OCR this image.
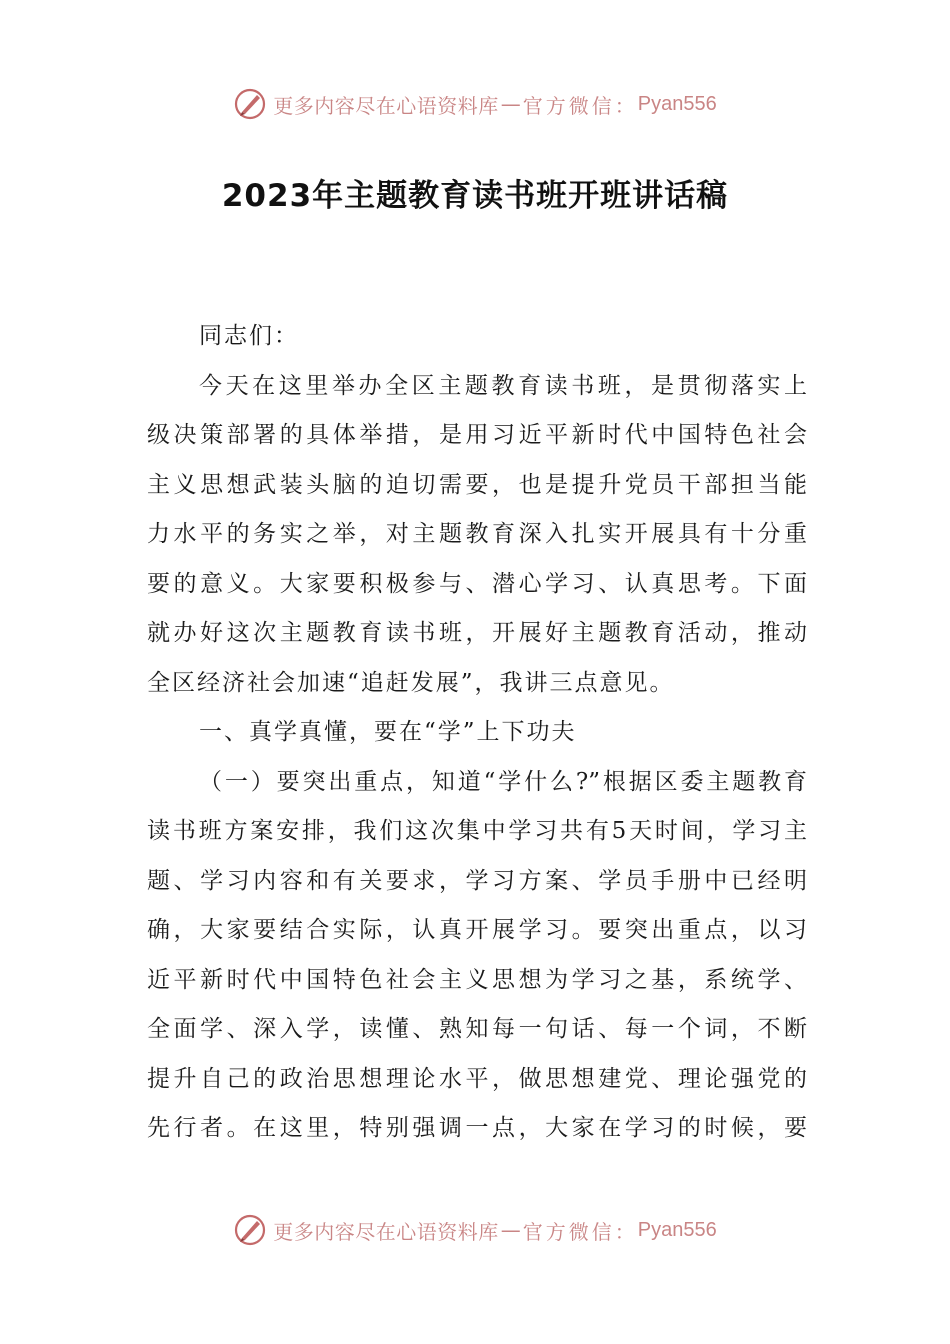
更多内容尽在心语资料库 — 官方微信： Pyan556
2023年主题教育读书班开班讲话稿
同志们：
今天在这里举办全区主题教育读书班，是贯彻落实上
级决策部署的具体举措，是用习近平新时代中国特色社会
主义思想武装头脑的迫切需要，也是提升党员干部担当能
力水平的务实之举，对主题教育深入扎实开展具有十分重
要的意义。大家要积极参与、潜心学习、认真思考。下面
就办好这次主题教育读书班，开展好主题教育活动，推动
全区经济社会加速“追赶发展”，我讲三点意见。
一、真学真懂，要在“学”上下功夫
（一）要突出重点，知道“学什么?”根据区委主题教育
读书班方案安排，我们这次集中学习共有5天时间，学习主
题、学习内容和有关要求，学习方案、学员手册中已经明
确，大家要结合实际，认真开展学习。要突出重点，以习
近平新时代中国特色社会主义思想为学习之基，系统学、
全面学、深入学，读懂、熟知每一句话、每一个词，不断
提升自己的政治思想理论水平，做思想建党、理论强党的
先行者。在这里，特别强调一点，大家在学习的时候，要
更多内容尽在心语资料库 — 官方微信： Pyan556
